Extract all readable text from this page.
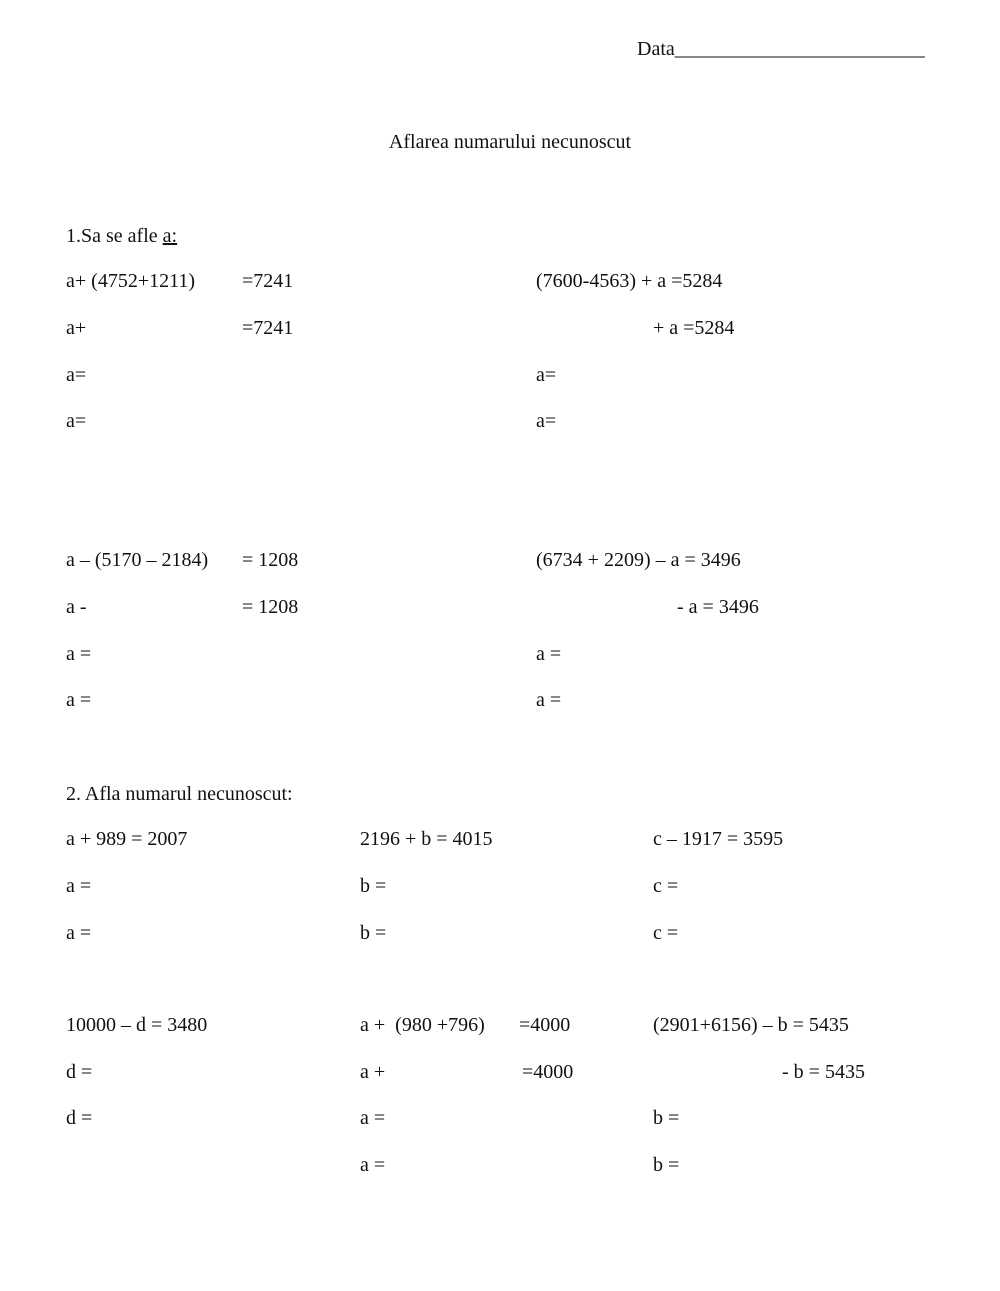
Data_________________________
Aflarea numarului necunoscut
1.Sa se afle a:
a+ (4752+1211) =7241
a+	=7241
a=
a=
(7600-4563) + a =5284
+ a =5284
a=
a=
a – (5170 – 2184) = 1208
a -	= 1208
a =
a =
(6734 + 2209) – a = 3496
- a = 3496
a =
a =
2. Afla numarul necunoscut:
a + 989 = 2007
a =
a =
2196 + b = 4015
b =
b =
c – 1917 = 3595
c =
c =
10000 – d = 3480
d =
d =
a +  (980 +796) =4000
a +	=4000
a =
a =
(2901+6156) – b = 5435
- b = 5435
b =
b =
